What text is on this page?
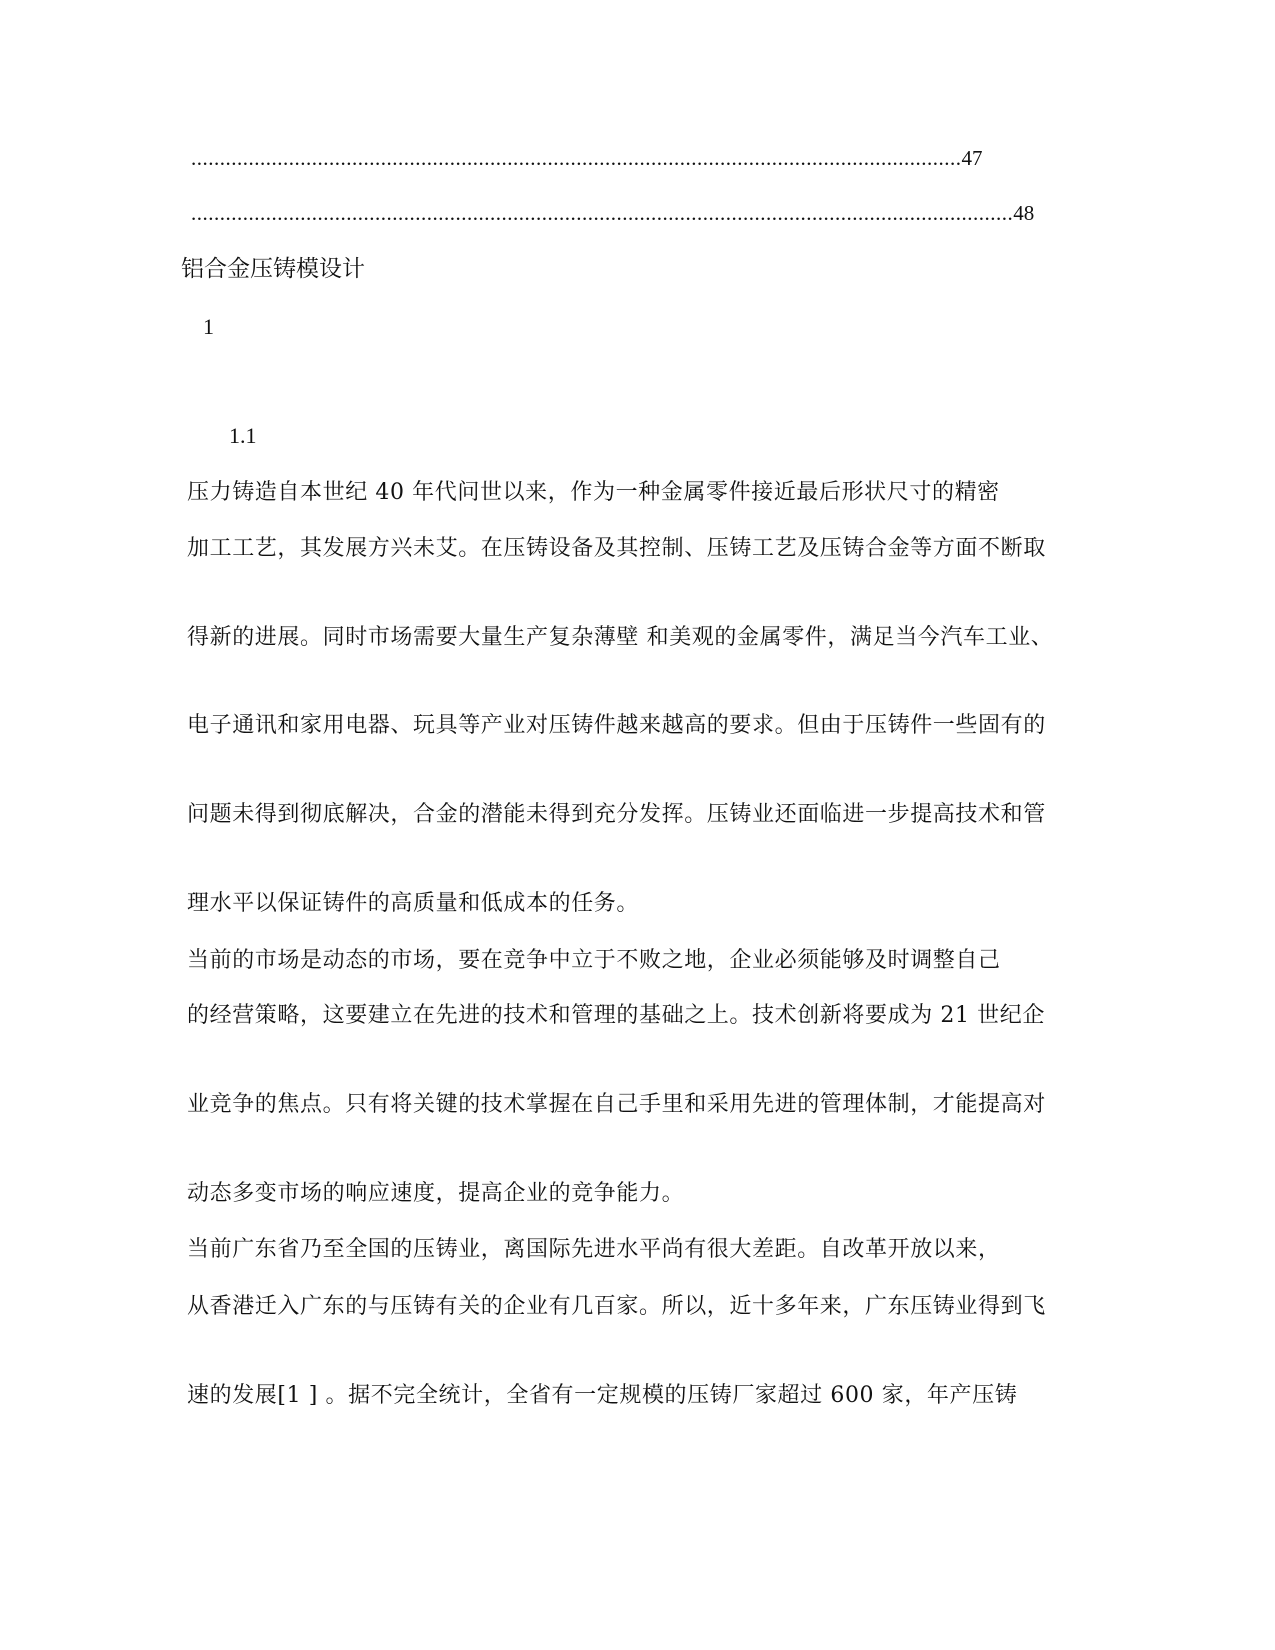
......................................................................................................................................47
...............................................................................................................................................48
铝合金压铸模设计
1
1.1
压力铸造自本世纪 40 年代问世以来，作为一种金属零件接近最后形状尺寸的精密
加工工艺，其发展方兴未艾。在压铸设备及其控制、压铸工艺及压铸合金等方面不断取
得新的进展。同时市场需要大量生产复杂薄壁 和美观的金属零件，满足当今汽车工业、
电子通讯和家用电器、玩具等产业对压铸件越来越高的要求。但由于压铸件一些固有的
问题未得到彻底解决，合金的潜能未得到充分发挥。压铸业还面临进一步提高技术和管
理水平以保证铸件的高质量和低成本的任务。
当前的市场是动态的市场，要在竞争中立于不败之地，企业必须能够及时调整自己
的经营策略，这要建立在先进的技术和管理的基础之上。技术创新将要成为 21 世纪企
业竞争的焦点。只有将关键的技术掌握在自己手里和采用先进的管理体制，才能提高对
动态多变市场的响应速度，提高企业的竞争能力。
当前广东省乃至全国的压铸业，离国际先进水平尚有很大差距。自改革开放以来，
从香港迁入广东的与压铸有关的企业有几百家。所以，近十多年来，广东压铸业得到飞
速的发展[1 ] 。据不完全统计，全省有一定规模的压铸厂家超过 600 家，年产压铸
